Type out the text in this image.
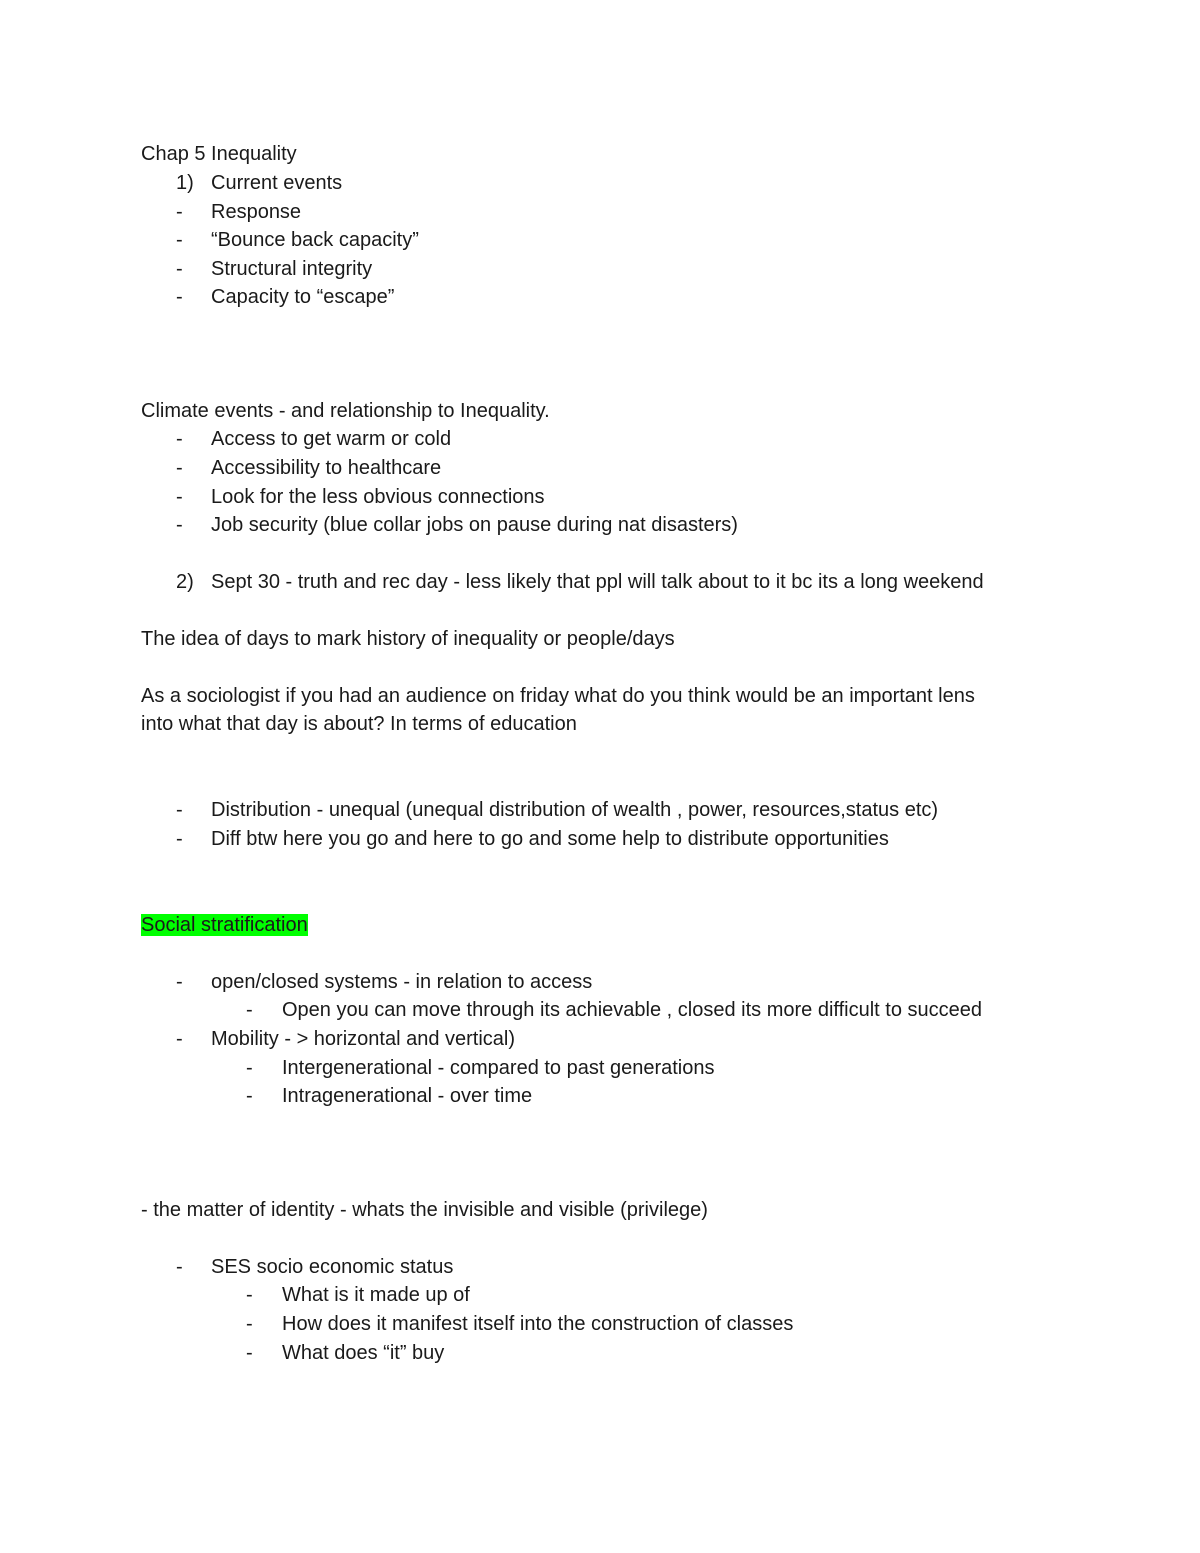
Chap 5 Inequality
1) Current events
- Response
- “Bounce back capacity”
- Structural integrity
- Capacity to “escape”
Climate events - and relationship to Inequality.
- Access to get warm or cold
- Accessibility to healthcare
- Look for the less obvious connections
- Job security (blue collar jobs on pause during nat disasters)
2) Sept 30 - truth and rec day - less likely that ppl will talk about to it bc its a long weekend
The idea of days to mark history of inequality or people/days
As a sociologist if you had an audience on friday what do you think would be an important lens
into what that day is about? In terms of education
- Distribution - unequal (unequal distribution of wealth , power, resources,status etc)
- Diff btw here you go and here to go and some help to distribute opportunities
Social stratification
- open/closed systems - in relation to access
- Open you can move through its achievable , closed its more difficult to succeed
- Mobility - > horizontal and vertical)
- Intergenerational - compared to past generations
- Intragenerational - over time
- the matter of identity - whats the invisible and visible (privilege)
- SES socio economic status
- What is it made up of
- How does it manifest itself into the construction of classes
- What does “it” buy
